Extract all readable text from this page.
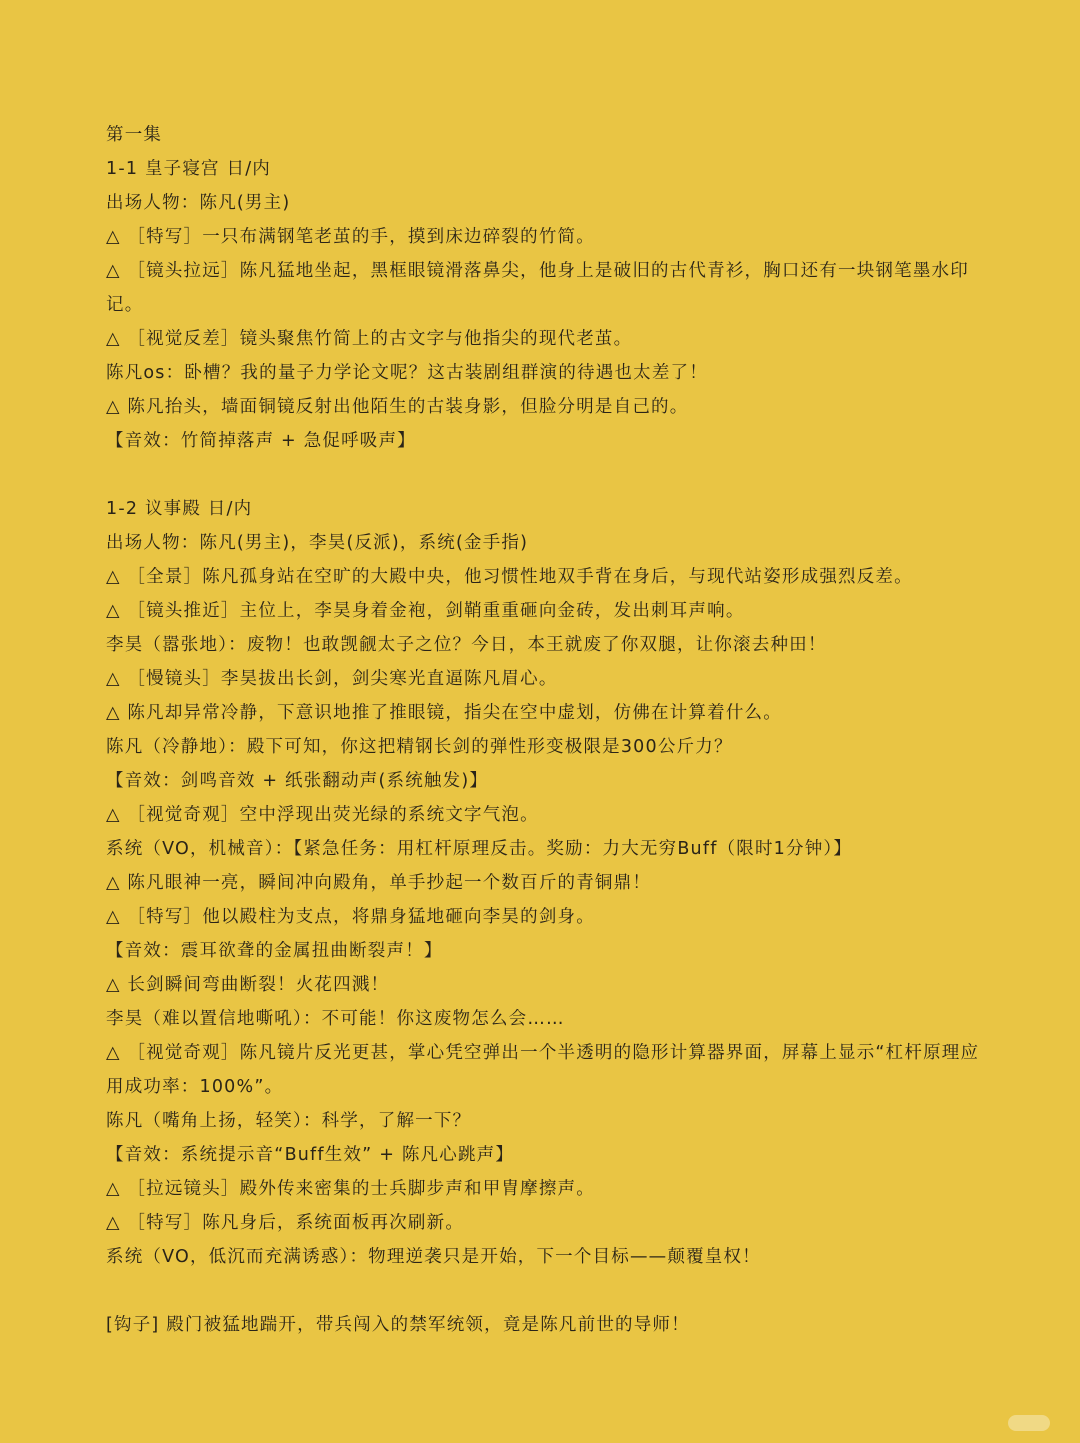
第一集

1-1 皇子寝宫 日/内

出场人物：陈凡(男主)

△ ［特写］一只布满钢笔老茧的手，摸到床边碎裂的竹简。

△ ［镜头拉远］陈凡猛地坐起，黑框眼镜滑落鼻尖，他身上是破旧的古代青衫，胸口还有一块钢笔墨水印记。

△ ［视觉反差］镜头聚焦竹简上的古文字与他指尖的现代老茧。

陈凡os：卧槽？我的量子力学论文呢？这古装剧组群演的待遇也太差了！

△ 陈凡抬头，墙面铜镜反射出他陌生的古装身影，但脸分明是自己的。

【音效：竹简掉落声 + 急促呼吸声】

1-2 议事殿 日/内

出场人物：陈凡(男主)，李昊(反派)，系统(金手指)

△ ［全景］陈凡孤身站在空旷的大殿中央，他习惯性地双手背在身后，与现代站姿形成强烈反差。

△ ［镜头推近］主位上，李昊身着金袍，剑鞘重重砸向金砖，发出刺耳声响。

李昊（嚣张地）：废物！也敢觊觎太子之位？今日，本王就废了你双腿，让你滚去种田！

△ ［慢镜头］李昊拔出长剑，剑尖寒光直逼陈凡眉心。

△ 陈凡却异常冷静，下意识地推了推眼镜，指尖在空中虚划，仿佛在计算着什么。

陈凡（冷静地）：殿下可知，你这把精钢长剑的弹性形变极限是300公斤力？

【音效：剑鸣音效 + 纸张翻动声(系统触发)】

△ ［视觉奇观］空中浮现出荧光绿的系统文字气泡。

系统（VO，机械音）：【紧急任务：用杠杆原理反击。奖励：力大无穷Buff（限时1分钟）】

△ 陈凡眼神一亮，瞬间冲向殿角，单手抄起一个数百斤的青铜鼎！

△ ［特写］他以殿柱为支点，将鼎身猛地砸向李昊的剑身。

【音效：震耳欲聋的金属扭曲断裂声！】

△ 长剑瞬间弯曲断裂！火花四溅！

李昊（难以置信地嘶吼）：不可能！你这废物怎么会……

△ ［视觉奇观］陈凡镜片反光更甚，掌心凭空弹出一个半透明的隐形计算器界面，屏幕上显示“杠杆原理应用成功率：100%”。

陈凡（嘴角上扬，轻笑）：科学，了解一下？

【音效：系统提示音“Buff生效” + 陈凡心跳声】

△ ［拉远镜头］殿外传来密集的士兵脚步声和甲胄摩擦声。

△ ［特写］陈凡身后，系统面板再次刷新。

系统（VO，低沉而充满诱惑）：物理逆袭只是开始，下一个目标——颠覆皇权！

[钩子] 殿门被猛地踹开，带兵闯入的禁军统领，竟是陈凡前世的导师！
